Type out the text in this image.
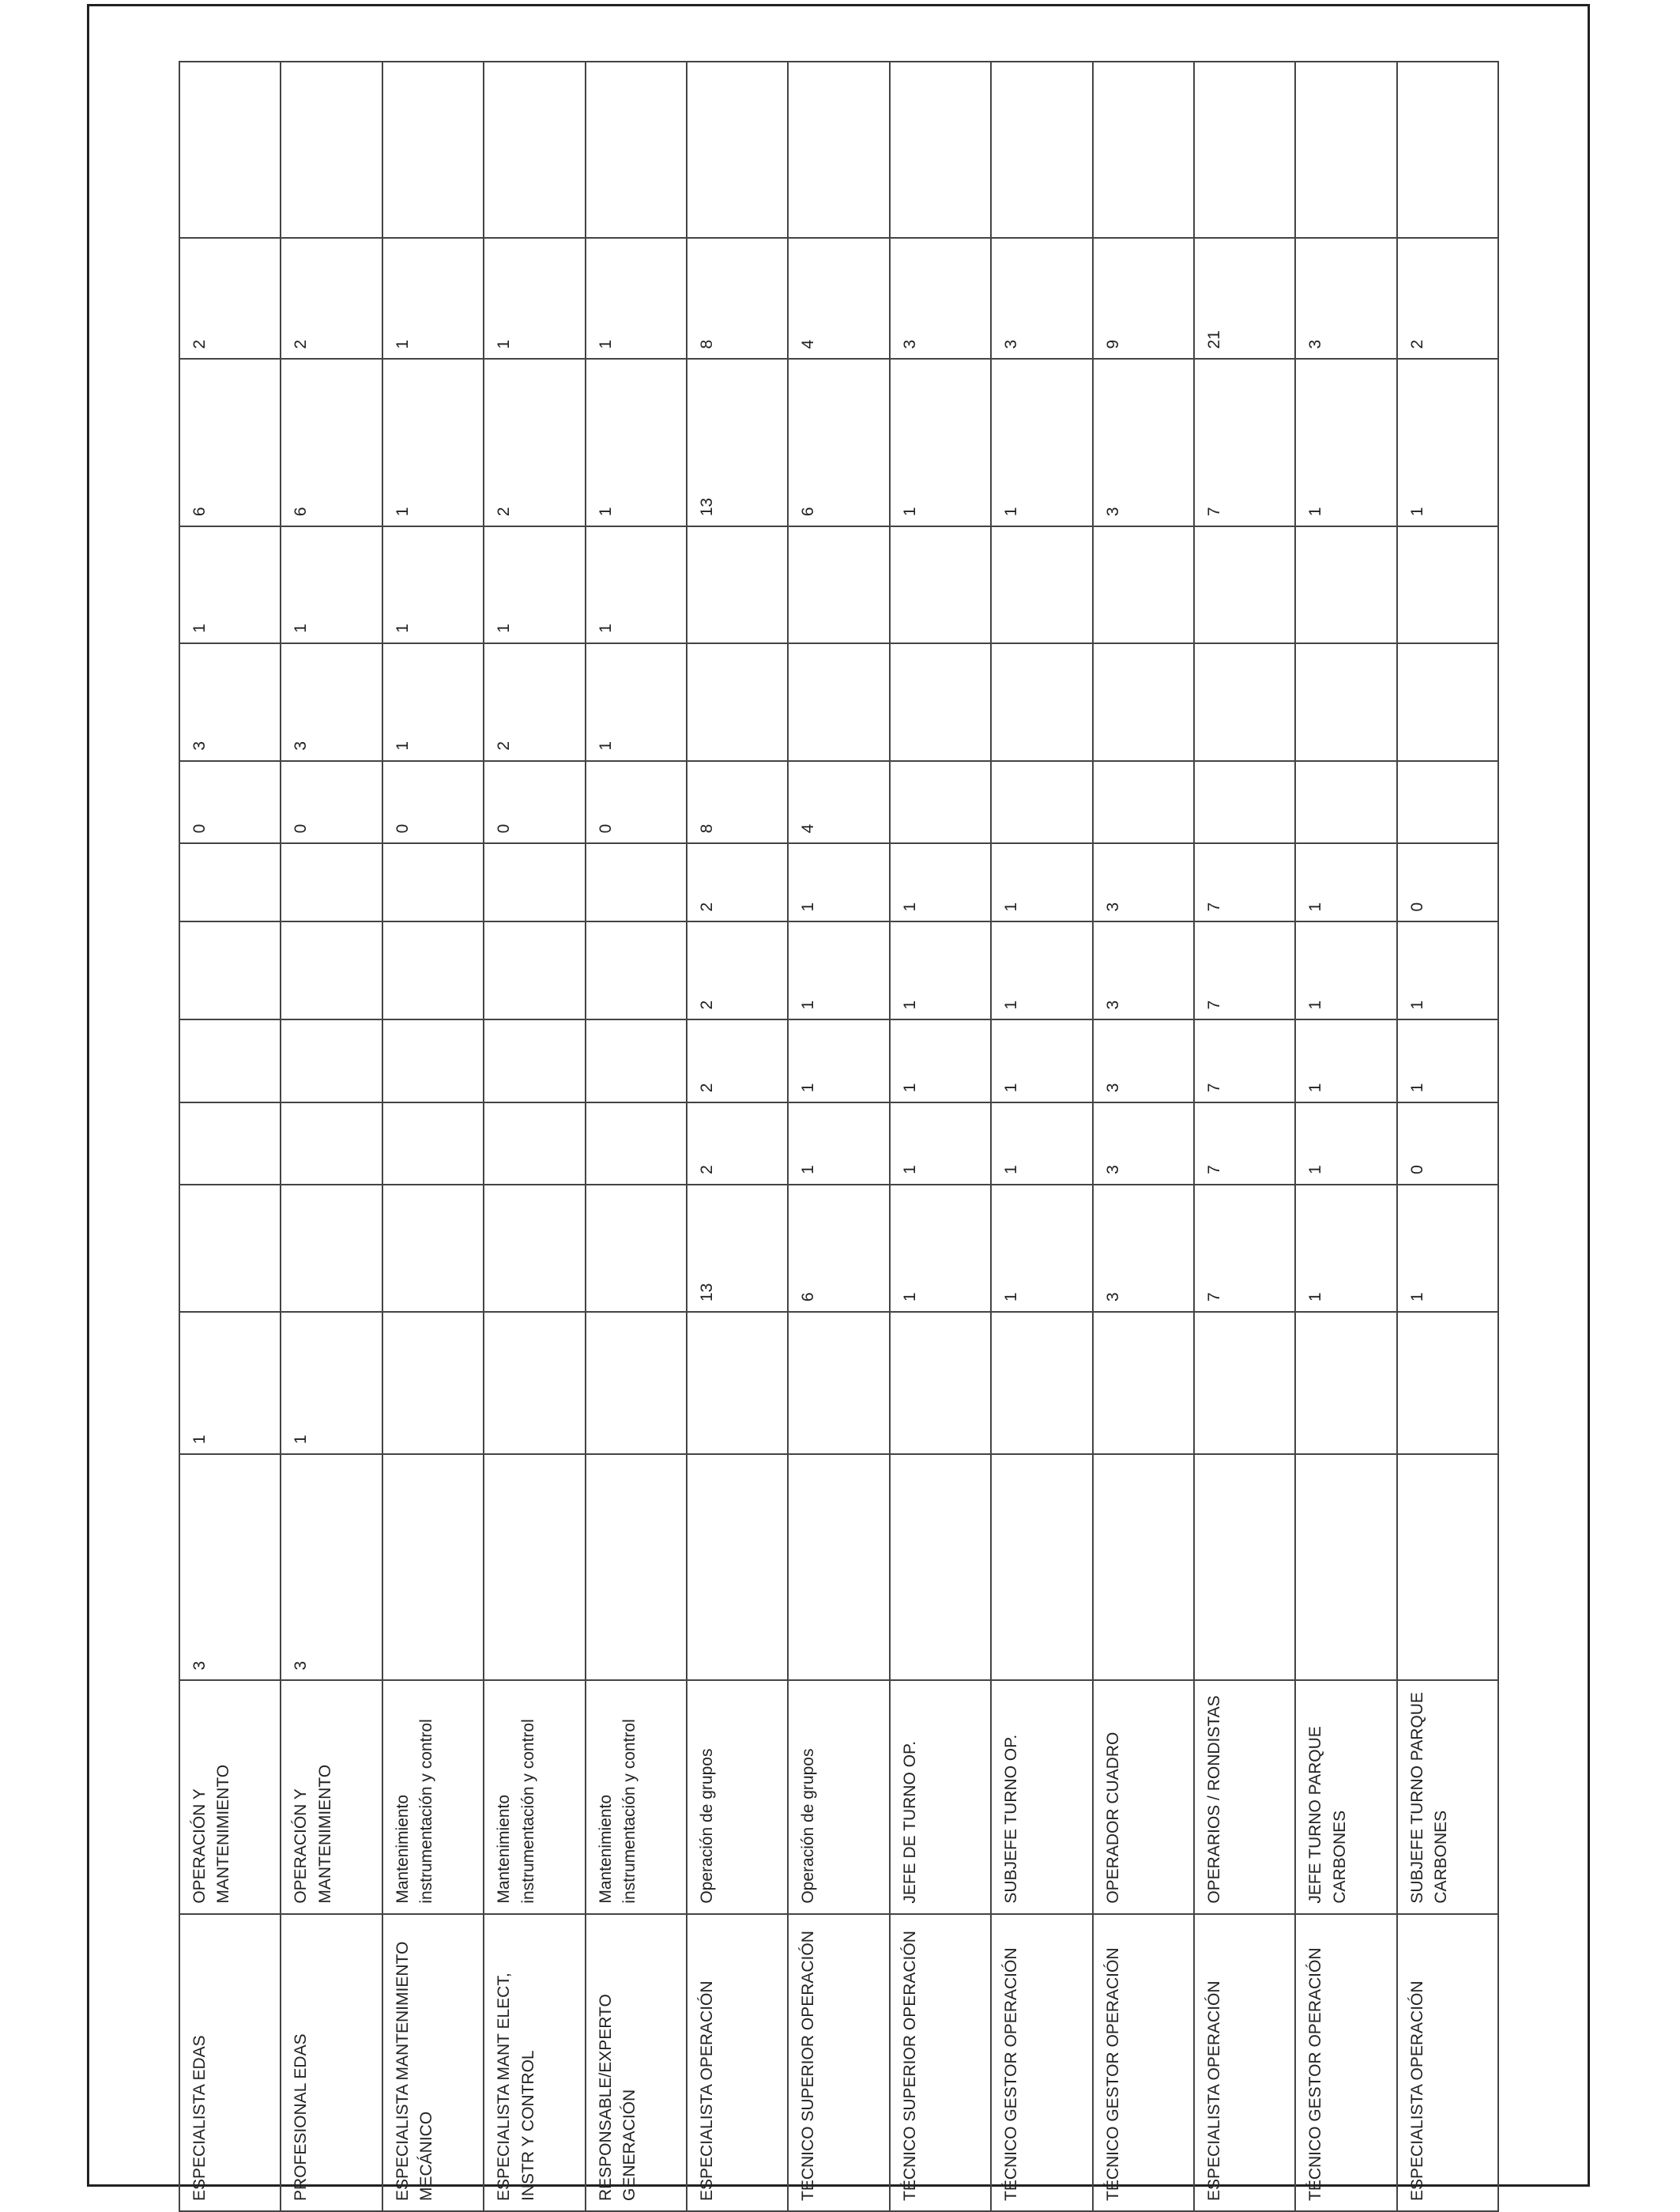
ESPECIALISTA EDAS	OPERACIÓN Y MANTENIMIENTO	3	1						0	3	1	6	2	
PROFESIONAL EDAS	OPERACIÓN Y MANTENIMIENTO	3	1						0	3	1	6	2	
ESPECIALISTA MANTENIMIENTO MECÁNICO	Mantenimiento instrumentación y control								0	1	1	1	1	
ESPECIALISTA MANT ELECT, INSTR Y CONTROL	Mantenimiento instrumentación y control								0	2	1	2	1	
RESPONSABLE/EXPERTO GENERACIÓN	Mantenimiento instrumentación y control								0	1	1	1	1	
ESPECIALISTA OPERACIÓN	Operación de grupos			13	2	2	2	2	8			13	8	
TECNICO SUPERIOR OPERACIÓN	Operación de grupos			6	1	1	1	1	4			6	4	
TÉCNICO SUPERIOR OPERACIÓN	JEFE DE TURNO OP.			1	1	1	1	1				1	3	
TÉCNICO GESTOR OPERACIÓN	SUBJEFE TURNO OP.			1	1	1	1	1				1	3	
TÉCNICO GESTOR OPERACIÓN	OPERADOR CUADRO			3	3	3	3	3				3	9	
ESPECIALISTA OPERACIÓN	OPERARIOS / RONDISTAS			7	7	7	7	7				7	21	
TÉCNICO GESTOR OPERACIÓN	JEFE TURNO PARQUE CARBONES			1	1	1	1	1				1	3	
ESPECIALISTA OPERACIÓN	SUBJEFE TURNO PARQUE CARBONES			1	0	1	1	0				1	2	
